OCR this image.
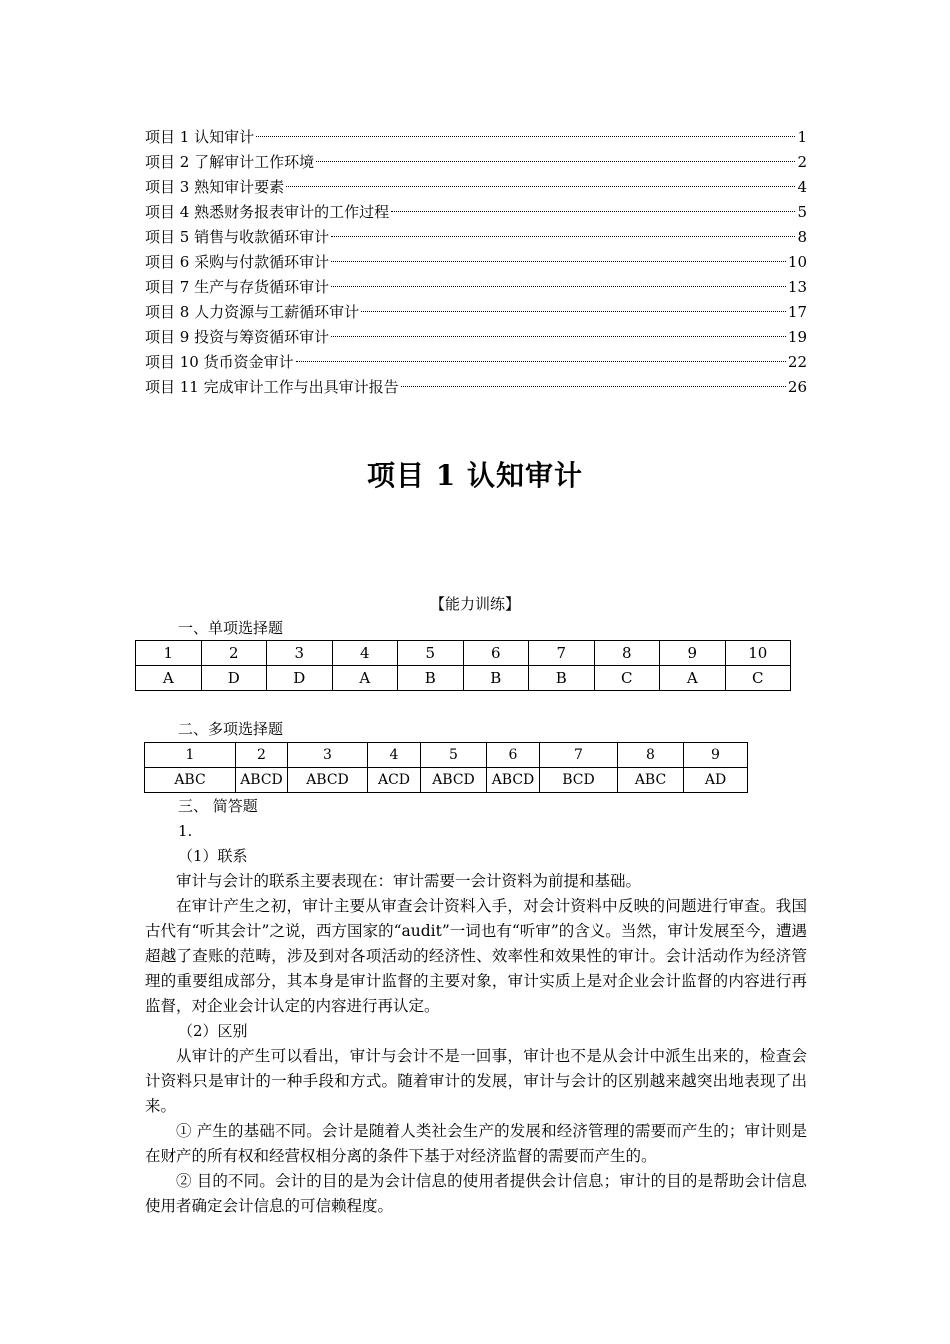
项目 1 认知审计	1
项目 2 了解审计工作环境	2
项目 3 熟知审计要素	4
项目 4 熟悉财务报表审计的工作过程	5
项目 5 销售与收款循环审计	8
项目 6 采购与付款循环审计	10
项目 7 生产与存货循环审计	13
项目 8 人力资源与工薪循环审计	17
项目 9 投资与筹资循环审计	19
项目 10 货币资金审计	22
项目 11 完成审计工作与出具审计报告	26
项目 1 认知审计
【能力训练】
一、单项选择题
1	2	3	4	5	6	7	8	9	10
A	D	D	A	B	B	B	C	A	C
二、多项选择题
1	2	3	4	5	6	7	8	9
ABC	ABCD	ABCD	ACD	ABCD	ABCD	BCD	ABC	AD
三、 简答题
1.
（1）联系
审计与会计的联系主要表现在：审计需要一会计资料为前提和基础。
在审计产生之初，审计主要从审查会计资料入手，对会计资料中反映的问题进行审查。我国古代有“听其会计”之说，西方国家的“audit”一词也有“听审”的含义。当然，审计发展至今，遭遇超越了查账的范畴，涉及到对各项活动的经济性、效率性和效果性的审计。会计活动作为经济管理的重要组成部分，其本身是审计监督的主要对象，审计实质上是对企业会计监督的内容进行再监督，对企业会计认定的内容进行再认定。
（2）区别
从审计的产生可以看出，审计与会计不是一回事，审计也不是从会计中派生出来的，检查会计资料只是审计的一种手段和方式。随着审计的发展，审计与会计的区别越来越突出地表现了出来。
① 产生的基础不同。会计是随着人类社会生产的发展和经济管理的需要而产生的；审计则是在财产的所有权和经营权相分离的条件下基于对经济监督的需要而产生的。
② 目的不同。会计的目的是为会计信息的使用者提供会计信息；审计的目的是帮助会计信息使用者确定会计信息的可信赖程度。
